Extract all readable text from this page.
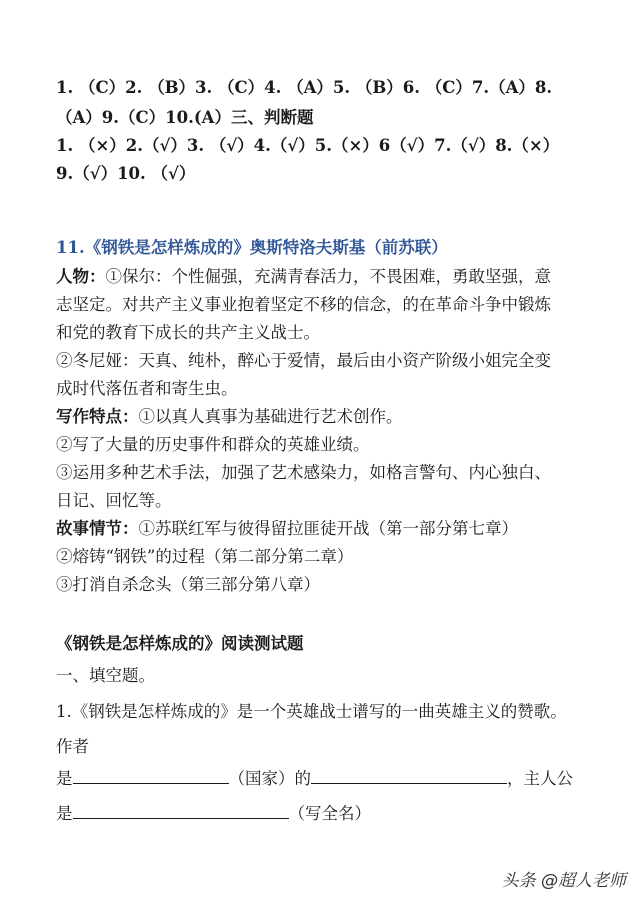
1. （C）2. （B）3. （C）4. （A）5. （B）6. （C）7.（A）8.
（A）9.（C）10.(A）三、判断题
1. （×）2.（√）3. （√）4.（√）5.（×）6（√）7.（√）8.（×）
9.（√）10. （√）
11.《钢铁是怎样炼成的》奥斯特洛夫斯基（前苏联）
人物：①保尔：个性倔强，充满青春活力，不畏困难，勇敢坚强，意
志坚定。对共产主义事业抱着坚定不移的信念，的在革命斗争中锻炼
和党的教育下成长的共产主义战士。
②冬尼娅：天真、纯朴，醉心于爱情，最后由小资产阶级小姐完全变
成时代落伍者和寄生虫。
写作特点：①以真人真事为基础进行艺术创作。
②写了大量的历史事件和群众的英雄业绩。
③运用多种艺术手法，加强了艺术感染力，如格言警句、内心独白、
日记、回忆等。
故事情节：①苏联红军与彼得留拉匪徒开战（第一部分第七章）
②熔铸“钢铁”的过程（第二部分第二章）
③打消自杀念头（第三部分第八章）
《钢铁是怎样炼成的》阅读测试题
一、填空题。
1.《钢铁是怎样炼成的》是一个英雄战士谱写的一曲英雄主义的赞歌。
作者
是	（国家）的	，主人公
是	（写全名）
头条 @超人老师
